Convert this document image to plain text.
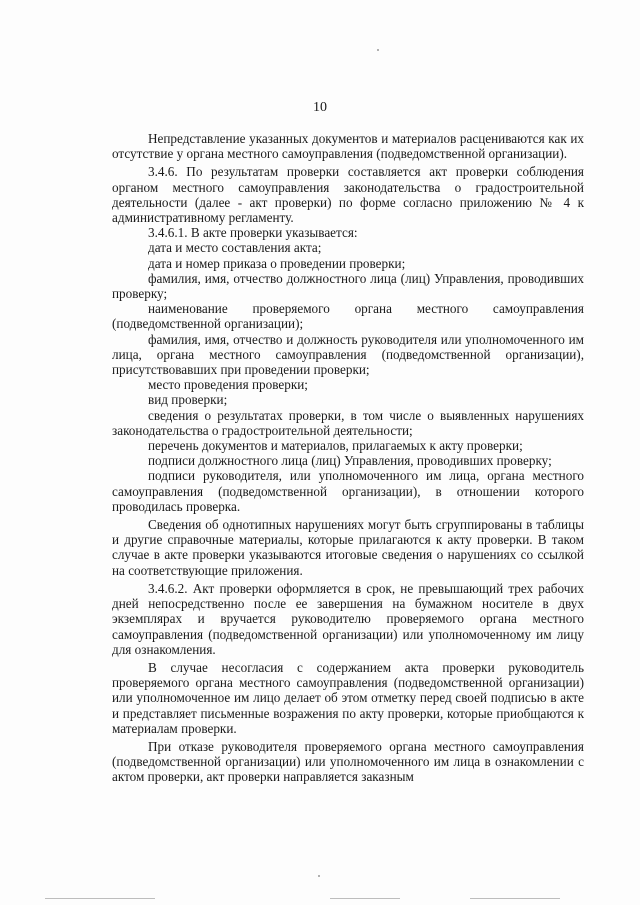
10

Непредставление указанных документов и материалов расцениваются как их отсутствие у органа местного самоуправления (подведомственной организации).

3.4.6. По результатам проверки составляется акт проверки соблюдения органом местного самоуправления законодательства о градостроительной деятельности (далее - акт проверки) по форме согласно приложению № 4 к административному регламенту.

3.4.6.1. В акте проверки указывается:

дата и место составления акта;

дата и номер приказа о проведении проверки;

фамилия, имя, отчество должностного лица (лиц) Управления, проводивших проверку;

наименование проверяемого органа местного самоуправления (подведомственной организации);

фамилия, имя, отчество и должность руководителя или уполномоченного им лица, органа местного самоуправления (подведомственной организации), присутствовавших при проведении проверки;

место проведения проверки;

вид проверки;

сведения о результатах проверки, в том числе о выявленных нарушениях законодательства о градостроительной деятельности;

перечень документов и материалов, прилагаемых к акту проверки;

подписи должностного лица (лиц) Управления, проводивших проверку;

подписи руководителя, или уполномоченного им лица, органа местного самоуправления (подведомственной организации), в отношении которого проводилась проверка.

Сведения об однотипных нарушениях могут быть сгруппированы в таблицы и другие справочные материалы, которые прилагаются к акту проверки. В таком случае в акте проверки указываются итоговые сведения о нарушениях со ссылкой на соответствующие приложения.

3.4.6.2. Акт проверки оформляется в срок, не превышающий трех рабочих дней непосредственно после ее завершения на бумажном носителе в двух экземплярах и вручается руководителю проверяемого органа местного самоуправления (подведомственной организации) или уполномоченному им лицу для ознакомления.

В случае несогласия с содержанием акта проверки руководитель проверяемого органа местного самоуправления (подведомственной организации) или уполномоченное им лицо делает об этом отметку перед своей подписью в акте и представляет письменные возражения по акту проверки, которые приобщаются к материалам проверки.

При отказе руководителя проверяемого органа местного самоуправления (подведомственной организации) или уполномоченного им лица в ознакомлении с актом проверки, акт проверки направляется заказным
